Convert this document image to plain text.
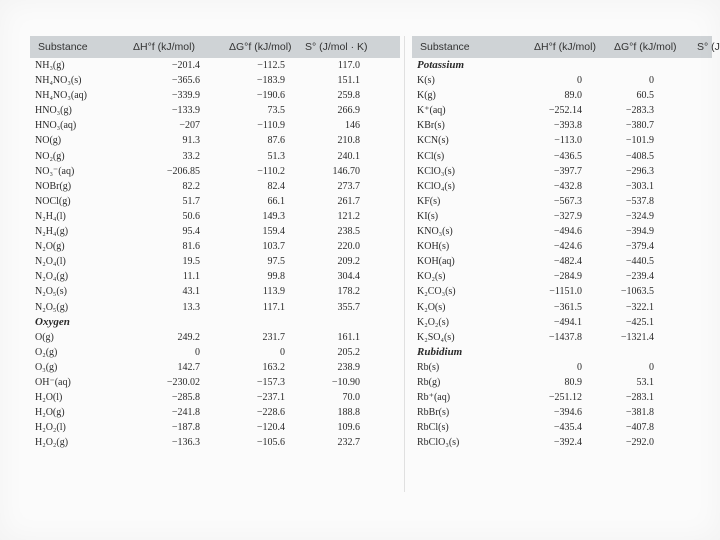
Substance	ΔH°f (kJ/mol)	ΔG°f (kJ/mol) S° (J/mol · K)
NH₃(g)	−201.4	−112.5	117.0
NH₄NO₃(s)	−365.6	−183.9	151.1
NH₄NO₃(aq)	−339.9	−190.6	259.8
HNO₃(g)	−133.9	73.5	266.9
HNO₃(aq)	−207	−110.9	146
NO(g)	91.3	87.6	210.8
NO₂(g)	33.2	51.3	240.1
NO₃⁻(aq)	−206.85	−110.2	146.70
NOBr(g)	82.2	82.4	273.7
NOCl(g)	51.7	66.1	261.7
N₂H₄(l)	50.6	149.3	121.2
N₂H₄(g)	95.4	159.4	238.5
N₂O(g)	81.6	103.7	220.0
N₂O₄(l)	19.5	97.5	209.2
N₂O₄(g)	11.1	99.8	304.4
N₂O₅(s)	43.1	113.9	178.2
N₂O₅(g)	13.3	117.1	355.7
Oxygen
O(g)	249.2	231.7	161.1
O₂(g)	0	0	205.2
O₃(g)	142.7	163.2	238.9
OH⁻(aq)	−230.02	−157.3	−10.90
H₂O(l)	−285.8	−237.1	70.0
H₂O(g)	−241.8	−228.6	188.8
H₂O₂(l)	−187.8	−120.4	109.6
H₂O₂(g)	−136.3	−105.6	232.7
Substance	ΔH°f (kJ/mol) ΔG°f (kJ/mol) S° (J
Potassium
K(s)	0	0
K(g)	89.0	60.5
K⁺(aq)	−252.14	−283.3
KBr(s)	−393.8	−380.7
KCN(s)	−113.0	−101.9
KCl(s)	−436.5	−408.5
KClO₃(s)	−397.7	−296.3
KClO₄(s)	−432.8	−303.1
KF(s)	−567.3	−537.8
KI(s)	−327.9	−324.9
KNO₃(s)	−494.6	−394.9
KOH(s)	−424.6	−379.4
KOH(aq)	−482.4	−440.5
KO₂(s)	−284.9	−239.4
K₂CO₃(s)	−1151.0	−1063.5
K₂O(s)	−361.5	−322.1
K₂O₂(s)	−494.1	−425.1
K₂SO₄(s)	−1437.8	−1321.4
Rubidium
Rb(s)	0	0
Rb(g)	80.9	53.1
Rb⁺(aq)	−251.12	−283.1
RbBr(s)	−394.6	−381.8
RbCl(s)	−435.4	−407.8
RbClO₃(s)	−392.4	−292.0
